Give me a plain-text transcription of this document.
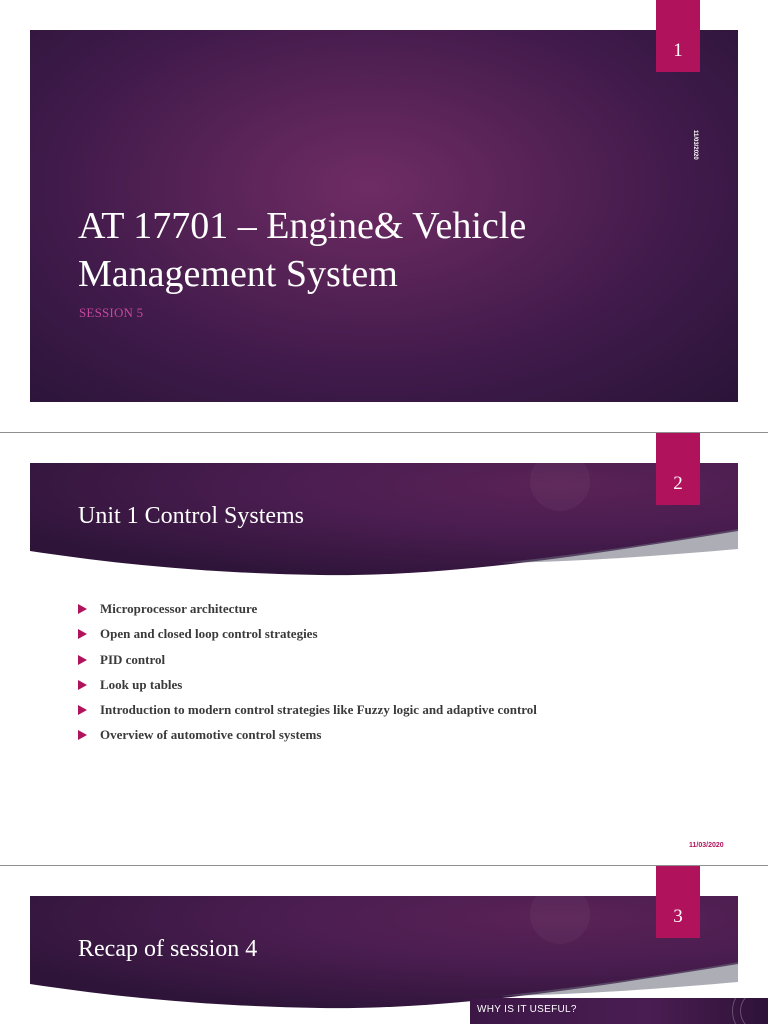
AT 17701 – Engine& Vehicle
Management System
SESSION 5
11/03/2020
1
Unit 1 Control Systems
2
Microprocessor architecture
Open and closed loop control strategies
PID control
Look up tables
Introduction to modern control strategies like Fuzzy logic and adaptive control
Overview of automotive control systems
11/03/2020
Recap of session 4
3
WHY IS IT USEFUL?
